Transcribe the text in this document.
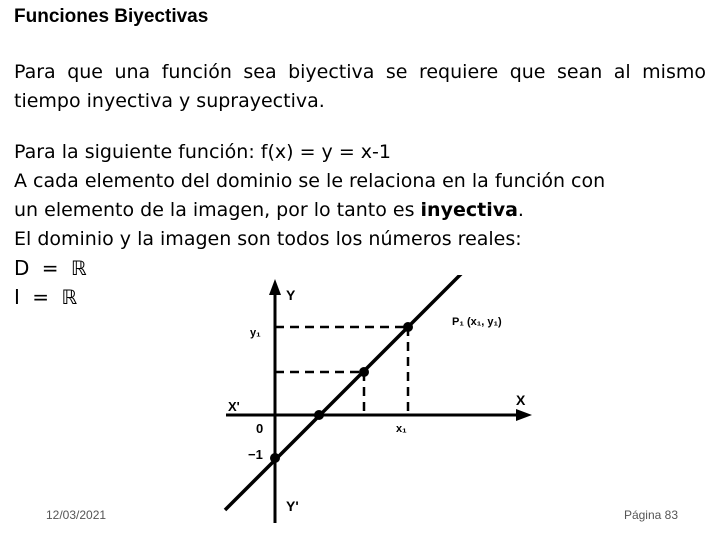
Funciones Biyectivas

Para que una función sea biyectiva se requiere que sean al mismo tiempo inyectiva y suprayectiva.

Para la siguiente función: f(x) = y = x-1
A cada elemento del dominio se le relaciona en la función con
un elemento de la imagen, por lo tanto es inyectiva.
El dominio y la imagen son todos los números reales:
D = ℝ
I = ℝ	Y
Y'
X
X'
0
−1
y₁
x₁
P₁ (x₁, y₁)

12/03/2021	Página 83
